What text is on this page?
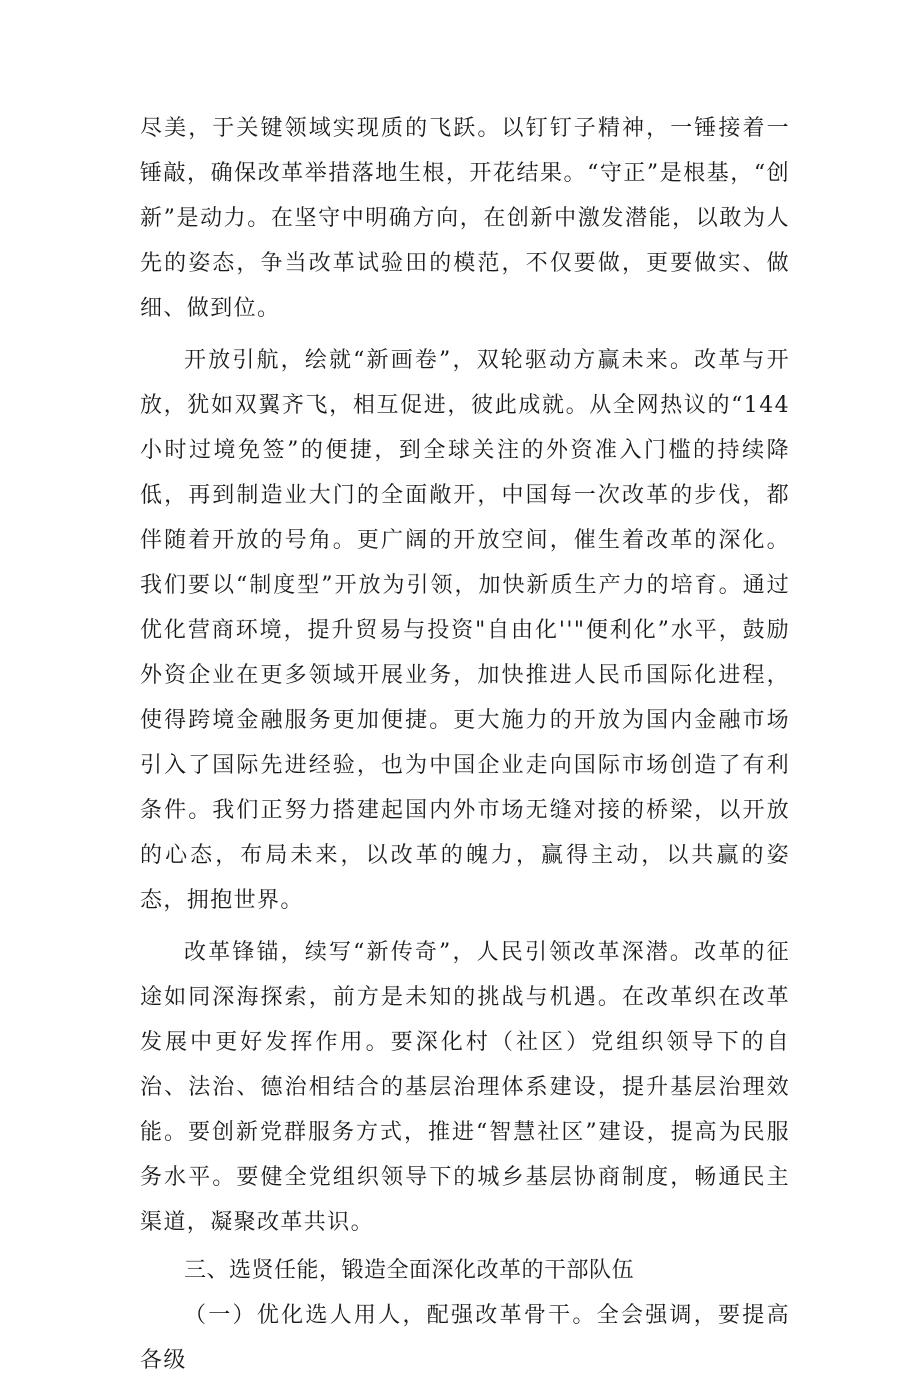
尽美，于关键领域实现质的飞跃。以钉钉子精神，一锤接着一锤敲，确保改革举措落地生根，开花结果。“守正”是根基，“创新”是动力。在坚守中明确方向，在创新中激发潜能，以敢为人先的姿态，争当改革试验田的模范，不仅要做，更要做实、做细、做到位。

开放引航，绘就“新画卷”，双轮驱动方赢未来。改革与开放，犹如双翼齐飞，相互促进，彼此成就。从全网热议的“144小时过境免签”的便捷，到全球关注的外资准入门槛的持续降低，再到制造业大门的全面敞开，中国每一次改革的步伐，都伴随着开放的号角。更广阔的开放空间，催生着改革的深化。我们要以“制度型”开放为引领，加快新质生产力的培育。通过优化营商环境，提升贸易与投资"自由化''"便利化”水平，鼓励外资企业在更多领域开展业务，加快推进人民币国际化进程，使得跨境金融服务更加便捷。更大施力的开放为国内金融市场引入了国际先进经验，也为中国企业走向国际市场创造了有利条件。我们正努力搭建起国内外市场无缝对接的桥梁，以开放的心态，布局未来，以改革的魄力，赢得主动，以共赢的姿态，拥抱世界。

改革锋锚，续写“新传奇”，人民引领改革深潜。改革的征途如同深海探索，前方是未知的挑战与机遇。在改革织在改革发展中更好发挥作用。要深化村（社区）党组织领导下的自治、法治、德治相结合的基层治理体系建设，提升基层治理效能。要创新党群服务方式，推进“智慧社区”建设，提高为民服务水平。要健全党组织领导下的城乡基层协商制度，畅通民主渠道，凝聚改革共识。

三、选贤任能，锻造全面深化改革的干部队伍

（一）优化选人用人，配强改革骨干。全会强调，要提高各级
